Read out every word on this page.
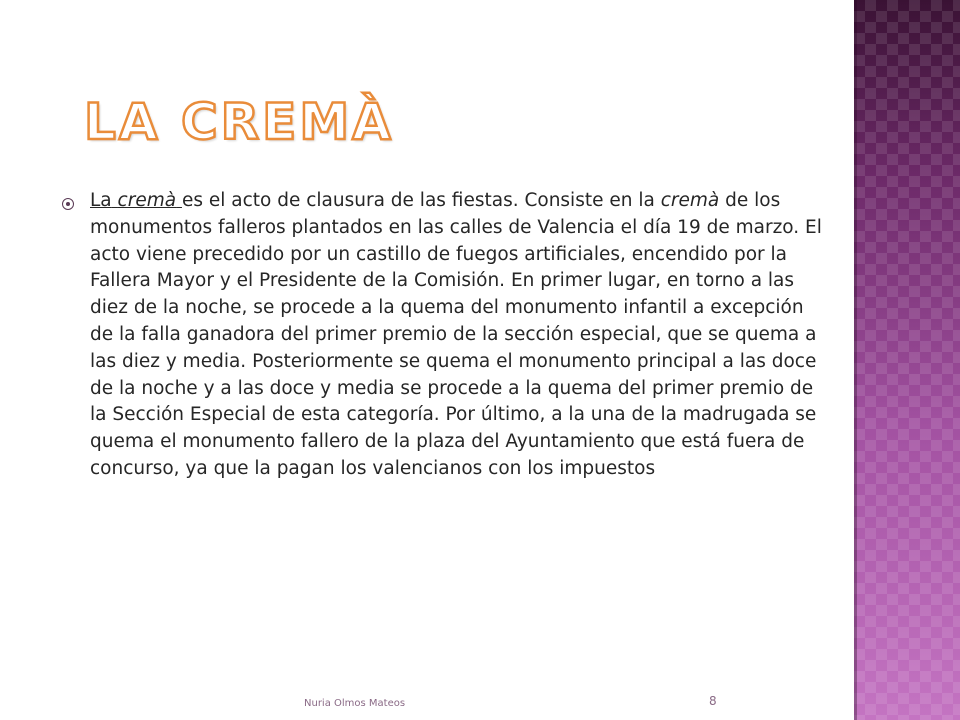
LA CREMÀ

La cremà es el acto de clausura de las fiestas. Consiste en la cremà de los monumentos falleros plantados en las calles de Valencia el día 19 de marzo. El acto viene precedido por un castillo de fuegos artificiales, encendido por la Fallera Mayor y el Presidente de la Comisión. En primer lugar, en torno a las diez de la noche, se procede a la quema del monumento infantil a excepción de la falla ganadora del primer premio de la sección especial, que se quema a las diez y media. Posteriormente se quema el monumento principal a las doce de la noche y a las doce y media se procede a la quema del primer premio de la Sección Especial de esta categoría. Por último, a la una de la madrugada se quema el monumento fallero de la plaza del Ayuntamiento que está fuera de concurso, ya que la pagan los valencianos con los impuestos

Nuria Olmos Mateos	8
